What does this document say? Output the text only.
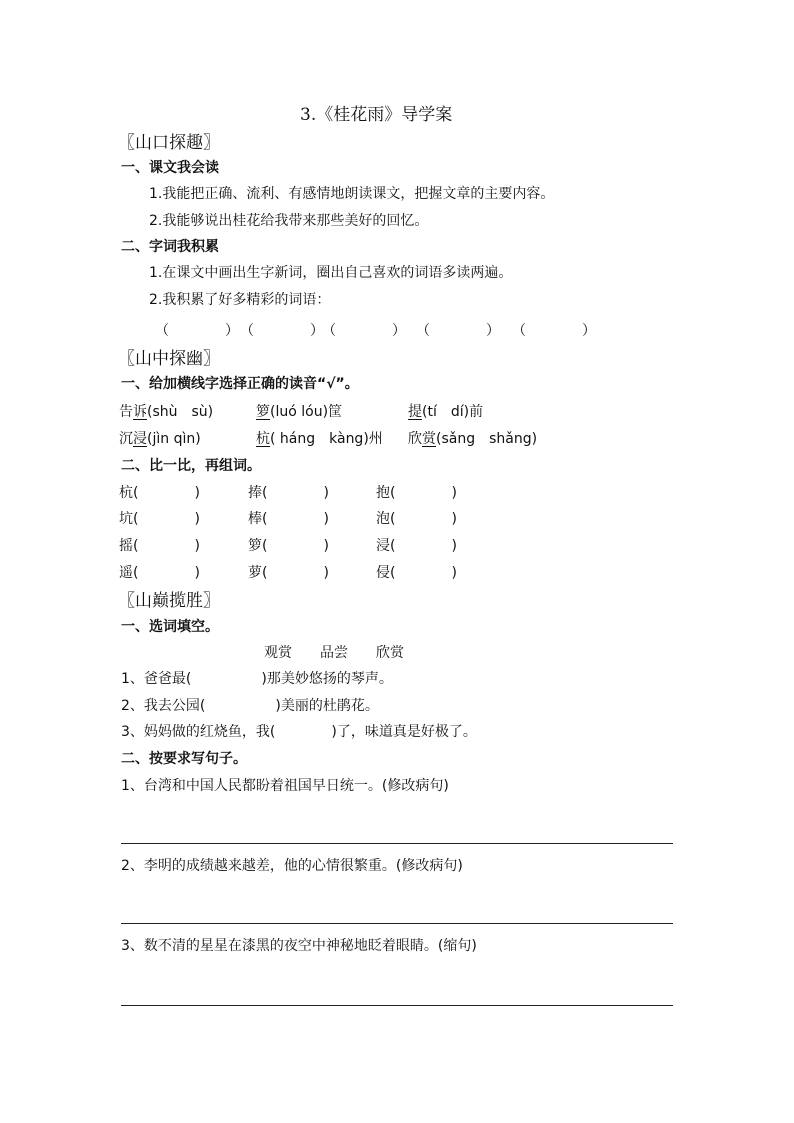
3.《桂花雨》导学案
〖山口探趣〗
一、课文我会读
1.我能把正确、流利、有感情地朗读课文，把握文章的主要内容。
2.我能够说出桂花给我带来那些美好的回忆。
二、字词我积累
1.在课文中画出生字新词，圈出自己喜欢的词语多读两遍。
2.我积累了好多精彩的词语：
（　　　　） （　　　　）
（　　　　） （　　　　） （　　　　）
〖山中探幽〗
一、给加横线字选择正确的读音“√”。
告诉(shù　sù)	箩(luó lóu)筐	提(tí　dí)前
沉浸(jìn qìn)	杭( háng　kàng)州 欣赏(sǎng　shǎng)
二、比一比，再组词。
杭(　　　　)	捧(　　　　)	抱(　　　　)
坑(　　　　)	棒(　　　　)	泡(　　　　)
摇(　　　　)	箩(　　　　)	浸(　　　　)
遥(　　　　)	萝(　　　　)	侵(　　　　)
〖山巅揽胜〗
一、选词填空。
观赏　　品尝　　欣赏
1、爸爸最(　　　　　)那美妙悠扬的琴声。
2、我去公园(　　　　　)美丽的杜鹃花。
3、妈妈做的红烧鱼，我(　　　　)了，味道真是好极了。
二、按要求写句子。
1、台湾和中国人民都盼着祖国早日统一。(修改病句)
2、李明的成绩越来越差，他的心情很繁重。(修改病句)
3、数不清的星星在漆黑的夜空中神秘地眨着眼睛。(缩句)
